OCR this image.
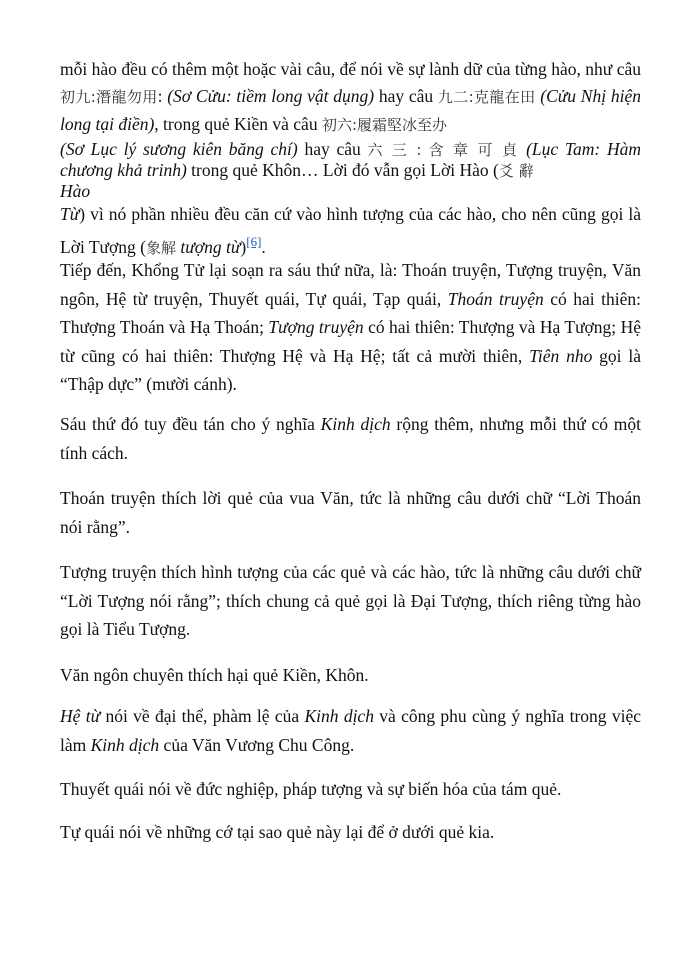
mỗi hào đều có thêm một hoặc vài câu, để nói về sự lành dữ của từng hào, như câu 初九:潛龍勿用: (Sơ Cửu: tiềm long vật dụng) hay câu 九二:克龍在田 (Cửu Nhị hiện long tại điền), trong quẻ Kiền và câu 初六:履霜堅冰至办
(Sơ Lục lý sương kiên băng chí) hay câu 六 三 : 含 章 可 貞 (Lục Tam: Hàm chương khả trinh) trong quẻ Khôn… Lời đó vẫn gọi Lời Hào (爻 辭
Hào
Từ) vì nó phần nhiều đều căn cứ vào hình tượng của các hào, cho nên cũng gọi là Lời Tượng (象解 tượng từ)[6].

Tiếp đến, Khổng Tử lại soạn ra sáu thứ nữa, là: Thoán truyện, Tượng truyện, Văn ngôn, Hệ từ truyện, Thuyết quái, Tự quái, Tạp quái, Thoán truyện có hai thiên: Thượng Thoán và Hạ Thoán; Tượng truyện có hai thiên: Thượng và Hạ Tượng; Hệ từ cũng có hai thiên: Thượng Hệ và Hạ Hệ; tất cả mười thiên, Tiên nho gọi là “Thập dực” (mười cánh).

Sáu thứ đó tuy đều tán cho ý nghĩa Kinh dịch rộng thêm, nhưng mỗi thứ có một tính cách.

Thoán truyện thích lời quẻ của vua Văn, tức là những câu dưới chữ “Lời Thoán nói rằng”.

Tượng truyện thích hình tượng của các quẻ và các hào, tức là những câu dưới chữ “Lời Tượng nói rằng”; thích chung cả quẻ gọi là Đại Tượng, thích riêng từng hào gọi là Tiểu Tượng.

Văn ngôn chuyên thích hại quẻ Kiền, Khôn.

Hệ từ nói về đại thể, phàm lệ của Kinh dịch và công phu cùng ý nghĩa trong việc làm Kinh dịch của Văn Vương Chu Công.

Thuyết quái nói về đức nghiệp, pháp tượng và sự biến hóa của tám quẻ.

Tự quái nói về những cớ tại sao quẻ này lại để ở dưới quẻ kia.
